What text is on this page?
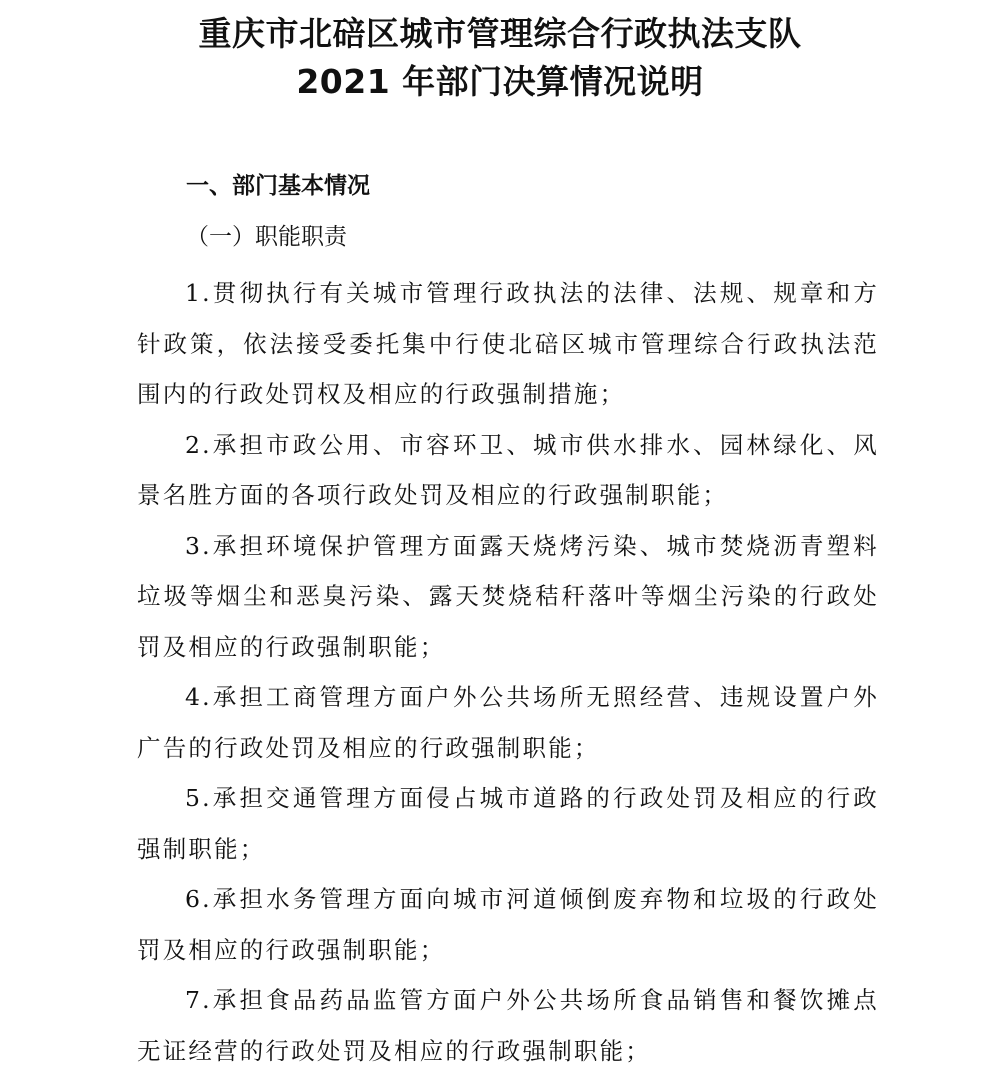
重庆市北碚区城市管理综合行政执法支队
2021 年部门决算情况说明
一、部门基本情况
（一）职能职责

1.贯彻执行有关城市管理行政执法的法律、法规、规章和方针政策，依法接受委托集中行使北碚区城市管理综合行政执法范围内的行政处罚权及相应的行政强制措施；

2.承担市政公用、市容环卫、城市供水排水、园林绿化、风景名胜方面的各项行政处罚及相应的行政强制职能；

3.承担环境保护管理方面露天烧烤污染、城市焚烧沥青塑料垃圾等烟尘和恶臭污染、露天焚烧秸秆落叶等烟尘污染的行政处罚及相应的行政强制职能；

4.承担工商管理方面户外公共场所无照经营、违规设置户外广告的行政处罚及相应的行政强制职能；

5.承担交通管理方面侵占城市道路的行政处罚及相应的行政强制职能；

6.承担水务管理方面向城市河道倾倒废弃物和垃圾的行政处罚及相应的行政强制职能；

7.承担食品药品监管方面户外公共场所食品销售和餐饮摊点无证经营的行政处罚及相应的行政强制职能；
